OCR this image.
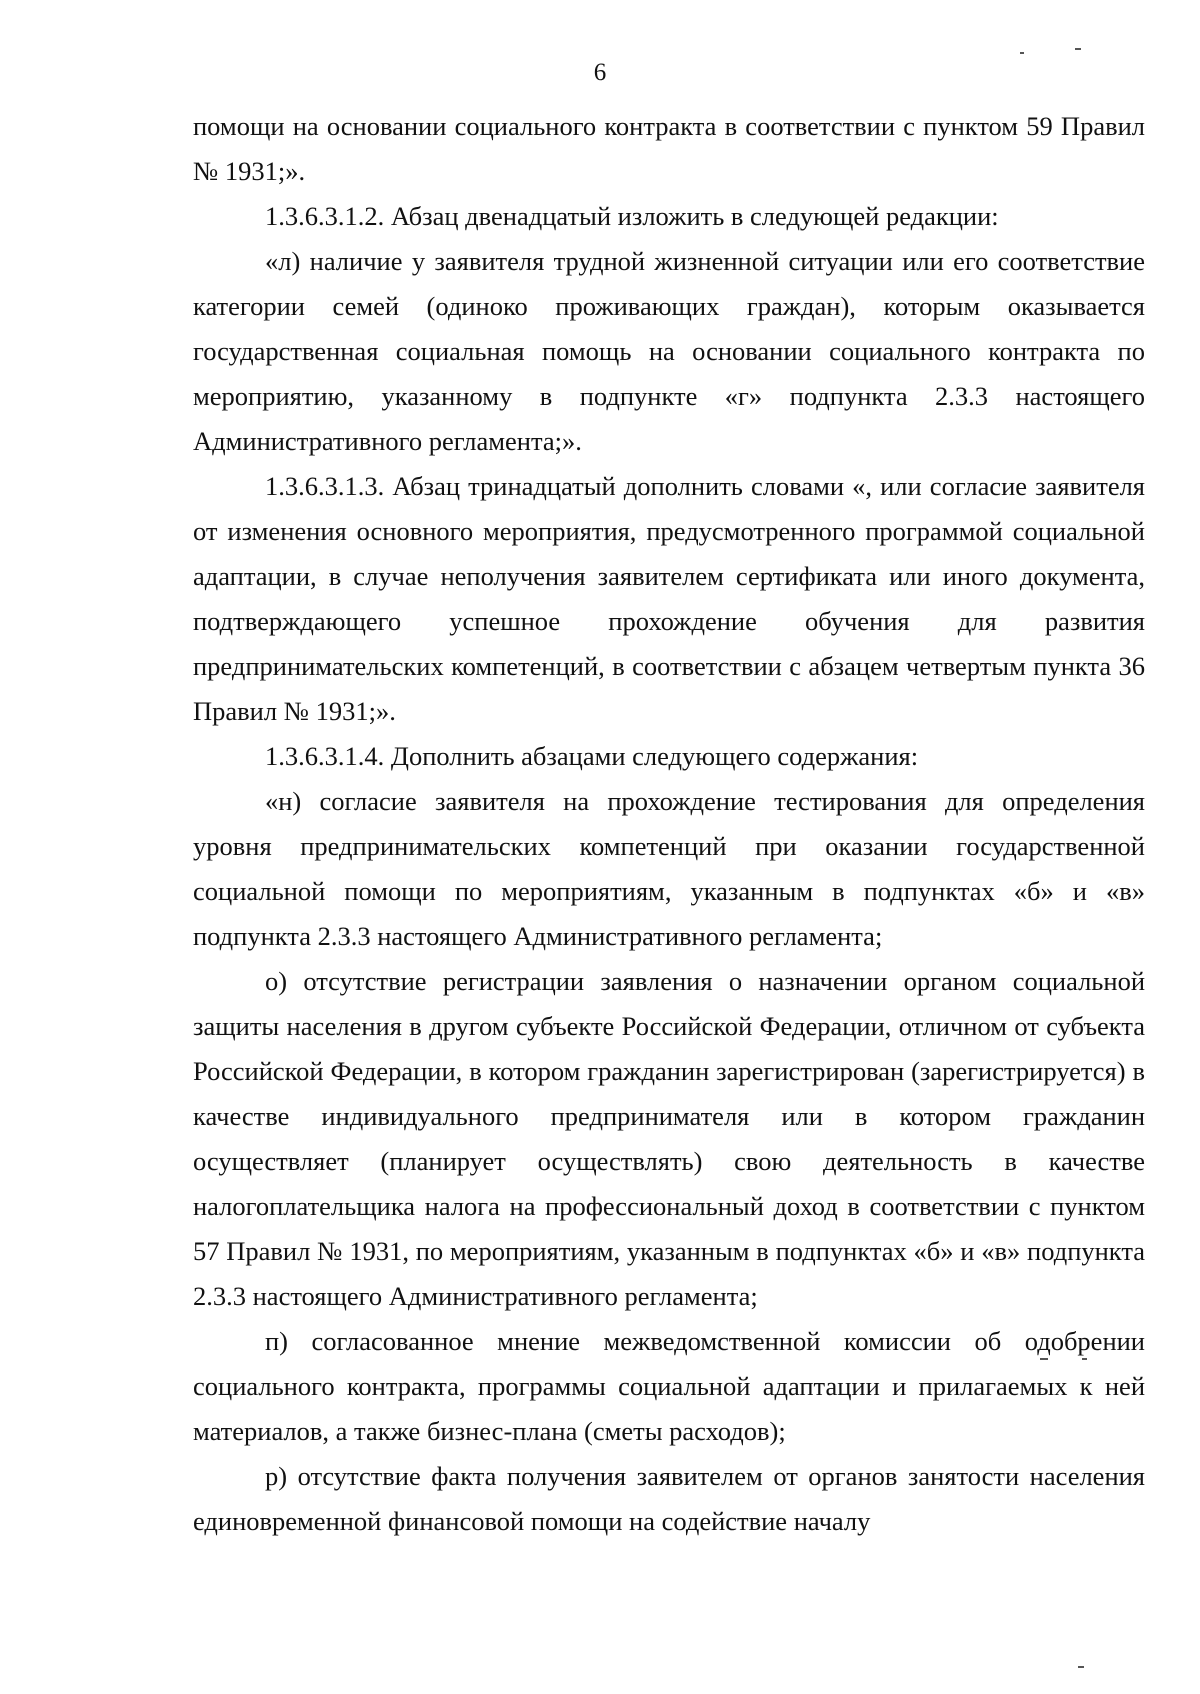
6

помощи на основании социального контракта в соответствии с пунктом 59 Правил № 1931;».

1.3.6.3.1.2. Абзац двенадцатый изложить в следующей редакции:

«л) наличие у заявителя трудной жизненной ситуации или его соответствие категории семей (одиноко проживающих граждан), которым оказывается государственная социальная помощь на основании социального контракта по мероприятию, указанному в подпункте «г» подпункта 2.3.3 настоящего Административного регламента;».

1.3.6.3.1.3. Абзац тринадцатый дополнить словами «, или согласие заявителя от изменения основного мероприятия, предусмотренного программой социальной адаптации, в случае неполучения заявителем сертификата или иного документа, подтверждающего успешное прохождение обучения для развития предпринимательских компетенций, в соответствии с абзацем четвертым пункта 36 Правил № 1931;».

1.3.6.3.1.4. Дополнить абзацами следующего содержания:

«н) согласие заявителя на прохождение тестирования для определения уровня предпринимательских компетенций при оказании государственной социальной помощи по мероприятиям, указанным в подпунктах «б» и «в» подпункта 2.3.3 настоящего Административного регламента;

о) отсутствие регистрации заявления о назначении органом социальной защиты населения в другом субъекте Российской Федерации, отличном от субъекта Российской Федерации, в котором гражданин зарегистрирован (зарегистрируется) в качестве индивидуального предпринимателя или в котором гражданин осуществляет (планирует осуществлять) свою деятельность в качестве налогоплательщика налога на профессиональный доход в соответствии с пунктом 57 Правил № 1931, по мероприятиям, указанным в подпунктах «б» и «в» подпункта 2.3.3 настоящего Административного регламента;

п) согласованное мнение межведомственной комиссии об одобрении социального контракта, программы социальной адаптации и прилагаемых к ней материалов, а также бизнес-плана (сметы расходов);

р) отсутствие факта получения заявителем от органов занятости населения единовременной финансовой помощи на содействие началу
